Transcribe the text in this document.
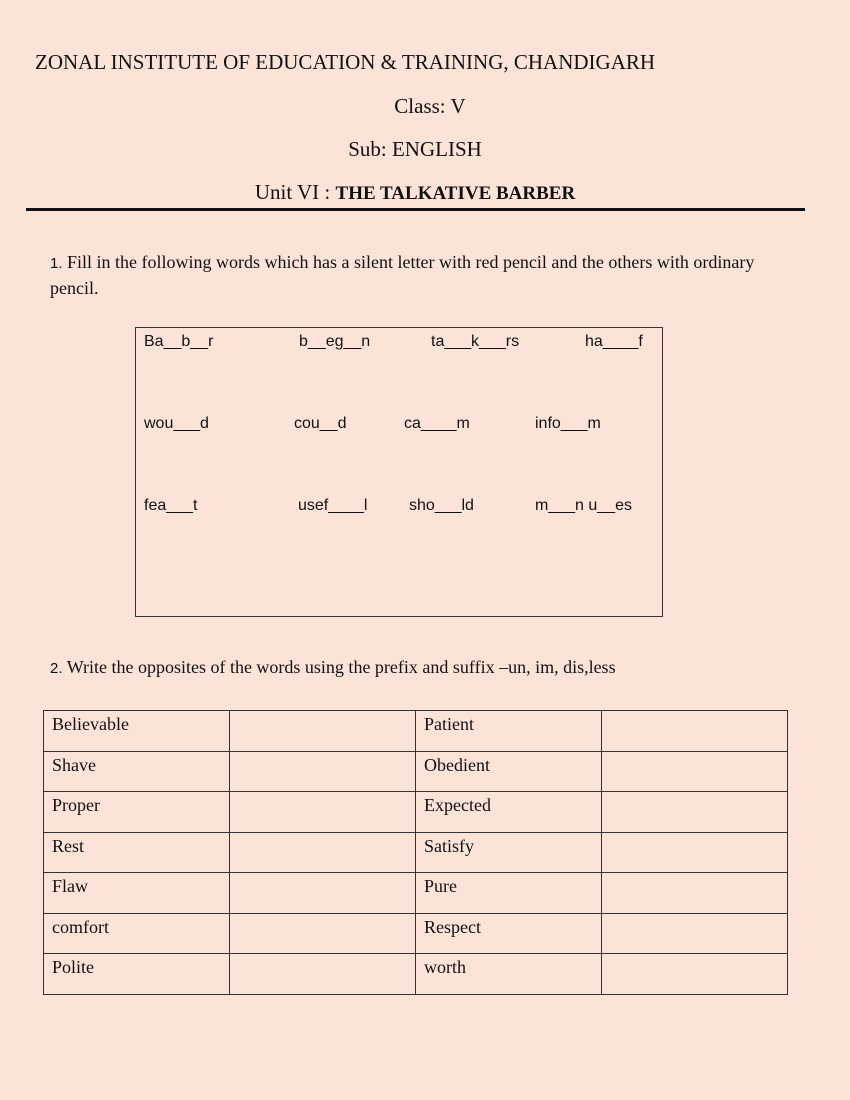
ZONAL INSTITUTE OF EDUCATION & TRAINING, CHANDIGARH
Class: V
Sub: ENGLISH
Unit VI : THE TALKATIVE BARBER
1. Fill in the following words which has a silent letter with red pencil and the others with ordinary pencil.
Ba__b__r	b__eg__n	ta___k___rs	ha____f
wou___d	cou__d	ca____m	info___m
fea___t	usef____l	sho___ld	m___n u__es
2. Write the opposites of the words using the prefix and suffix –un, im, dis,less
Believable		Patient	
Shave		Obedient	
Proper		Expected	
Rest		Satisfy	
Flaw		Pure	
comfort		Respect	
Polite		worth	
